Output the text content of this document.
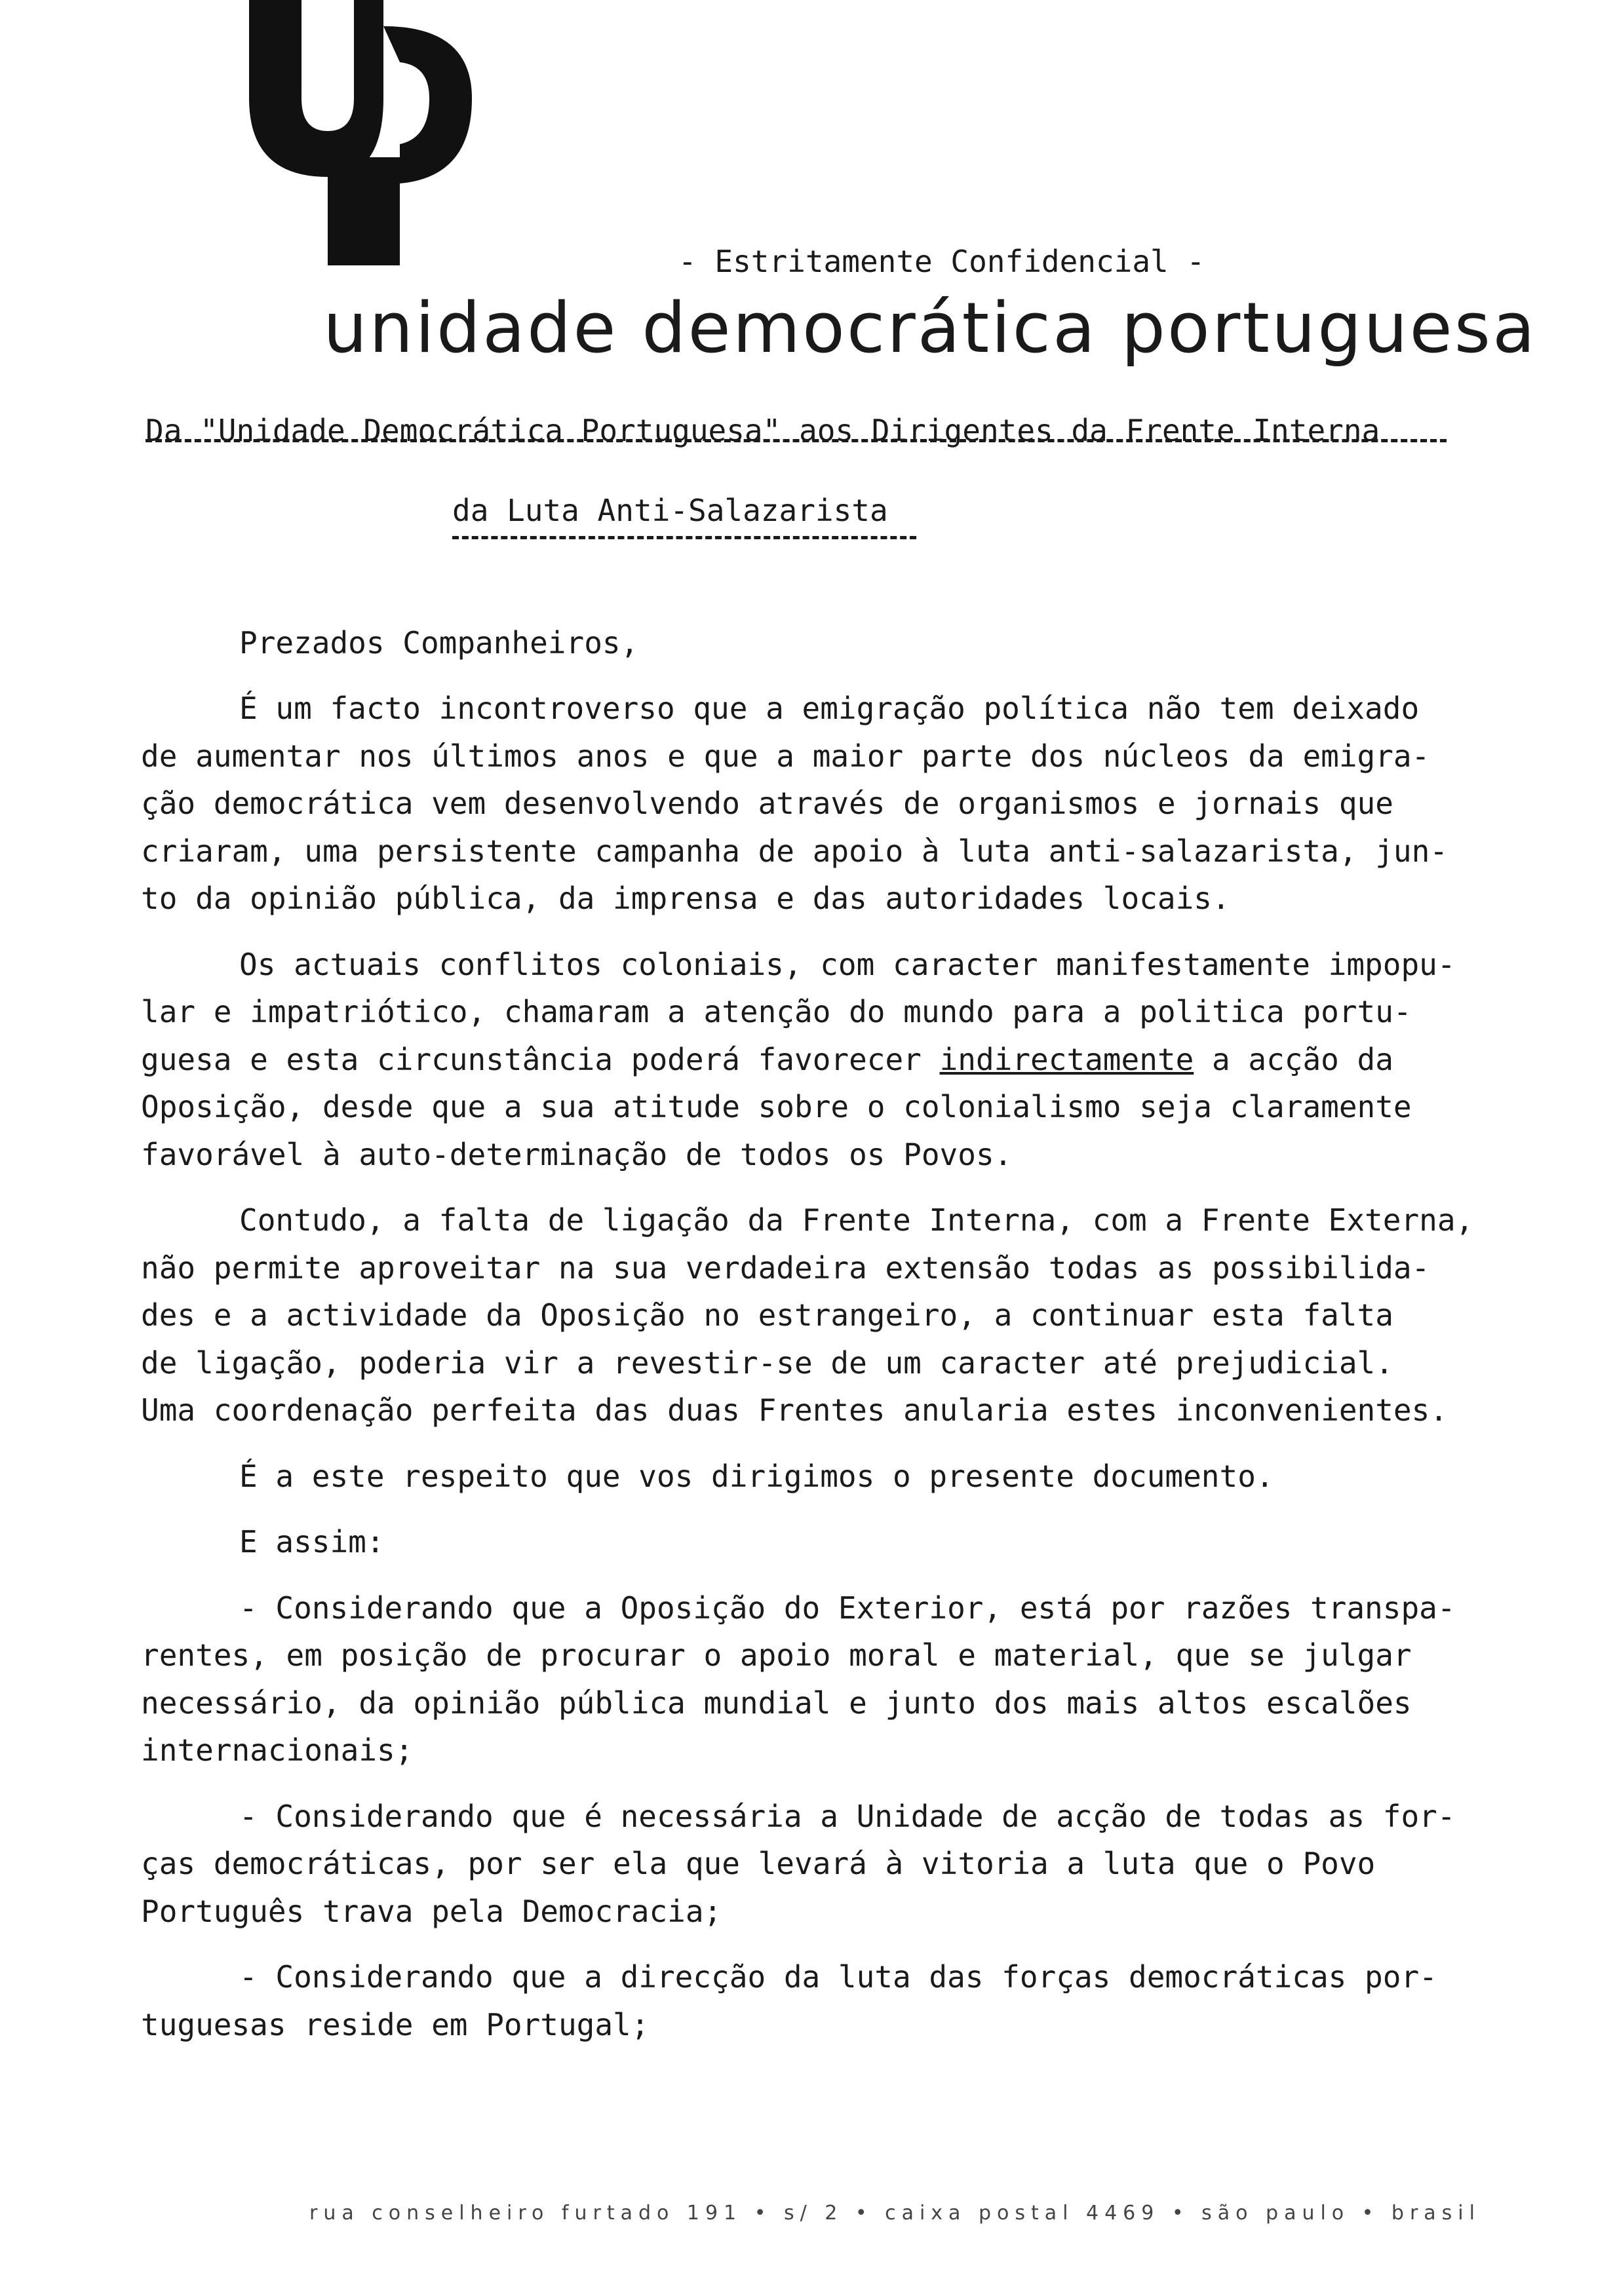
- Estritamente Confidencial -
unidade democrática portuguesa
Da "Unidade Democrática Portuguesa" aos Dirigentes da Frente Interna
da Luta Anti-Salazarista
Prezados Companheiros,
É um facto incontroverso que a emigração política não tem deixado
de aumentar nos últimos anos e que a maior parte dos núcleos da emigra-
ção democrática vem desenvolvendo através de organismos e jornais que
criaram, uma persistente campanha de apoio à luta anti-salazarista, jun-
to da opinião pública, da imprensa e das autoridades locais.
Os actuais conflitos coloniais, com caracter manifestamente impopu-
lar e impatriótico, chamaram a atenção do mundo para a politica portu-
guesa e esta circunstância poderá favorecer indirectamente a acção da
Oposição, desde que a sua atitude sobre o colonialismo seja claramente
favorável à auto-determinação de todos os Povos.
Contudo, a falta de ligação da Frente Interna, com a Frente Externa,
não permite aproveitar na sua verdadeira extensão todas as possibilida-
des e a actividade da Oposição no estrangeiro, a continuar esta falta
de ligação, poderia vir a revestir-se de um caracter até prejudicial.
Uma coordenação perfeita das duas Frentes anularia estes inconvenientes.
É a este respeito que vos dirigimos o presente documento.
E assim:
- Considerando que a Oposição do Exterior, está por razões transpa-
rentes, em posição de procurar o apoio moral e material, que se julgar
necessário, da opinião pública mundial e junto dos mais altos escalões
internacionais;
- Considerando que é necessária a Unidade de acção de todas as for-
ças democráticas, por ser ela que levará à vitoria a luta que o Povo
Português trava pela Democracia;
- Considerando que a direcção da luta das forças democráticas por-
tuguesas reside em Portugal;
rua conselheiro furtado 191 • s/ 2 • caixa postal 4469 • são paulo • brasil
